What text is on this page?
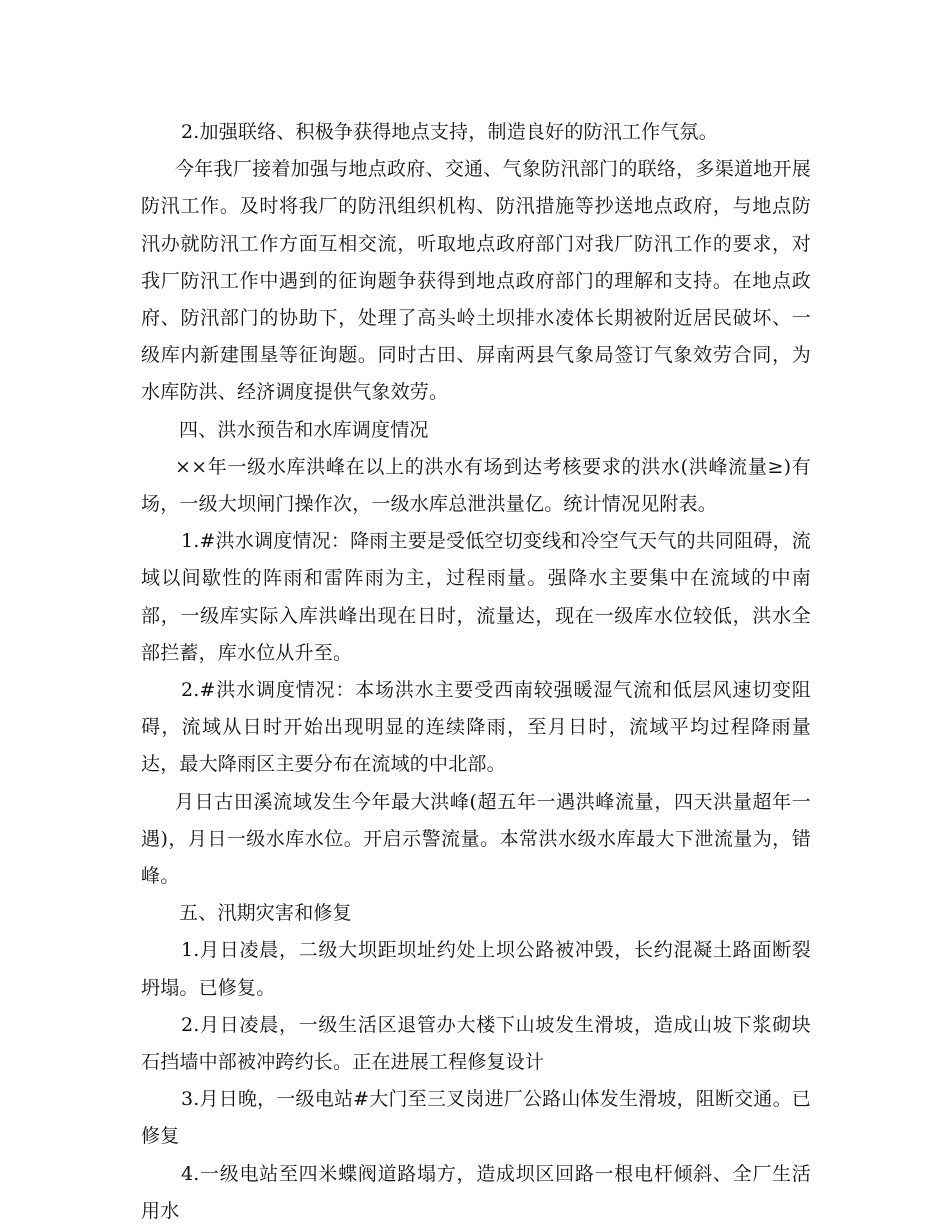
2.加强联络、积极争获得地点支持，制造良好的防汛工作气氛。

今年我厂接着加强与地点政府、交通、气象防汛部门的联络，多渠道地开展防汛工作。及时将我厂的防汛组织机构、防汛措施等抄送地点政府，与地点防汛办就防汛工作方面互相交流，听取地点政府部门对我厂防汛工作的要求，对我厂防汛工作中遇到的征询题争获得到地点政府部门的理解和支持。在地点政府、防汛部门的协助下，处理了高头岭土坝排水凌体长期被附近居民破坏、一级库内新建围垦等征询题。同时古田、屏南两县气象局签订气象效劳合同，为水库防洪、经济调度提供气象效劳。

四、洪水预告和水库调度情况

××年一级水库洪峰在以上的洪水有场到达考核要求的洪水(洪峰流量≥)有场，一级大坝闸门操作次，一级水库总泄洪量亿。统计情况见附表。

1.#洪水调度情况：降雨主要是受低空切变线和冷空气天气的共同阻碍，流域以间歇性的阵雨和雷阵雨为主，过程雨量。强降水主要集中在流域的中南部，一级库实际入库洪峰出现在日时，流量达，现在一级库水位较低，洪水全部拦蓄，库水位从升至。

2.#洪水调度情况：本场洪水主要受西南较强暖湿气流和低层风速切变阻碍，流域从日时开始出现明显的连续降雨，至月日时，流域平均过程降雨量达，最大降雨区主要分布在流域的中北部。

月日古田溪流域发生今年最大洪峰(超五年一遇洪峰流量，四天洪量超年一遇)，月日一级水库水位。开启示警流量。本常洪水级水库最大下泄流量为，错峰。

五、汛期灾害和修复

1.月日凌晨，二级大坝距坝址约处上坝公路被冲毁，长约混凝土路面断裂坍塌。已修复。

2.月日凌晨，一级生活区退管办大楼下山坡发生滑坡，造成山坡下浆砌块石挡墙中部被冲跨约长。正在进展工程修复设计

3.月日晚，一级电站#大门至三叉岗进厂公路山体发生滑坡，阻断交通。已修复

4.一级电站至四米蝶阀道路塌方，造成坝区回路一根电杆倾斜、全厂生活用水
